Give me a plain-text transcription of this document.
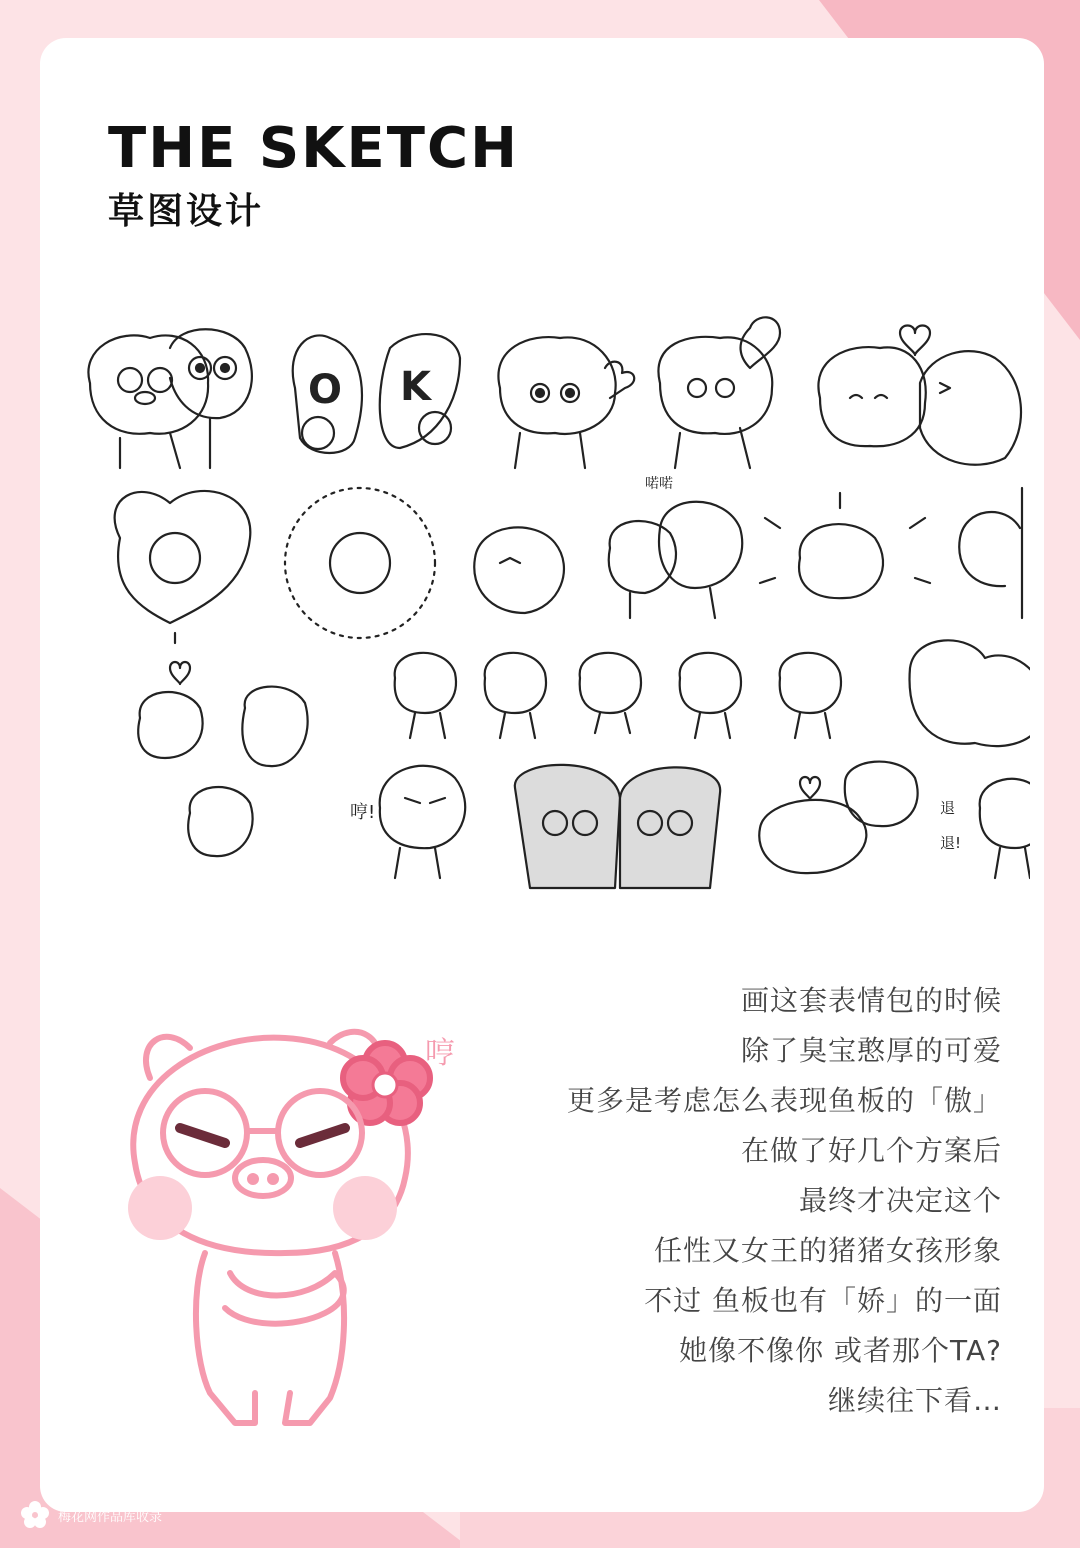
THE SKETCH
草图设计
O K
喏喏
哼!	退
退!
哼
画这套表情包的时候
除了臭宝憨厚的可爱
更多是考虑怎么表现鱼板的「傲」
在做了好几个方案后
最终才决定这个
任性又女王的猪猪女孩形象
不过 鱼板也有「娇」的一面
她像不像你 或者那个TA?
继续往下看…
梅花网作品库收录
